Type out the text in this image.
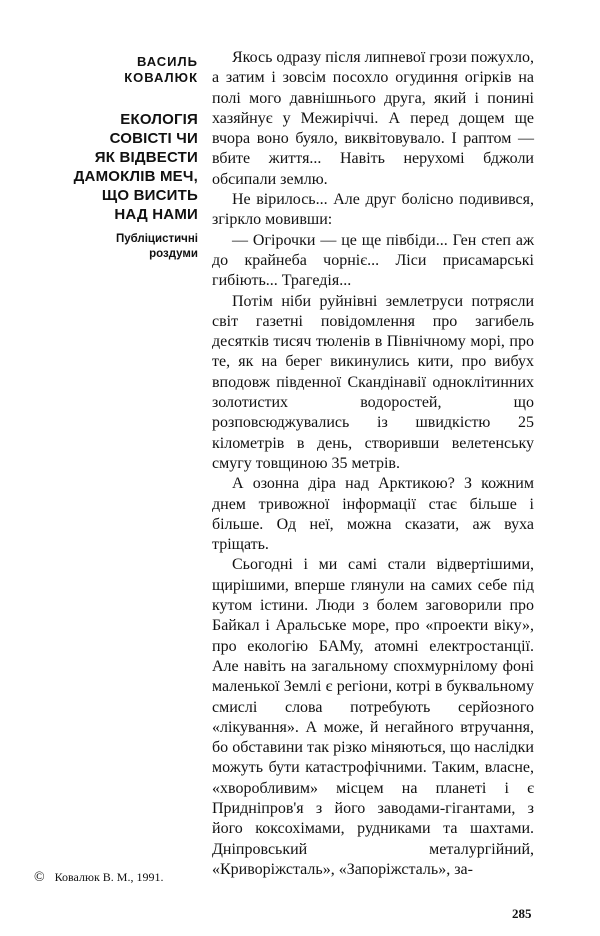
ВАСИЛЬ
КОВАЛЮК
ЕКОЛОГІЯ
СОВІСТІ ЧИ
ЯК ВІДВЕСТИ
ДАМОКЛІВ МЕЧ,
ЩО ВИСИТЬ
НАД НАМИ
Публіцистичні
роздуми
© Ковалюк В. М., 1991.

Якось одразу після липневої грози пожухло, а затим і зовсім посохло огудиння огірків на полі мого давнішнього друга, який і понині хазяйнує у Межиріччі. А перед дощем ще вчора воно буяло, виквітовувало. І раптом — вбите життя... Навіть нерухомі бджоли обсипали землю.

Не вірилось... Але друг болісно подивився, згіркло мовивши:

— Огірочки — це ще півбіди... Ген степ аж до крайнеба чорніє... Ліси присамарські гибіють... Трагедія...

Потім ніби руйнівні землетруси потрясли світ газетні повідомлення про загибель десятків тисяч тюленів в Північному морі, про те, як на берег викинулись кити, про вибух вподовж південної Скандінавії одноклітинних золотистих водоростей, що розповсюджувались із швидкістю 25 кілометрів в день, створивши велетенську смугу товщиною 35 метрів.

А озонна діра над Арктикою? З кожним днем тривожної інформації стає більше і більше. Од неї, можна сказати, аж вуха тріщать.

Сьогодні і ми самі стали відвертішими, щирішими, вперше глянули на самих себе під кутом істини. Люди з болем заговорили про Байкал і Аральське море, про «проекти віку», про екологію БАМу, атомні електростанції. Але навіть на загальному спохмурнілому фоні маленької Землі є регіони, котрі в буквальному смислі слова потребують серйозного «лікування». А може, й негайного втручання, бо обставини так різко міняються, що наслідки можуть бути катастрофічними. Таким, власне, «хворобливим» місцем на планеті і є Придніпров'я з його заводами-гігантами, з його коксохімами, рудниками та шахтами. Дніпровський металургійний, «Криворіжсталь», «Запоріжсталь», за-

285
